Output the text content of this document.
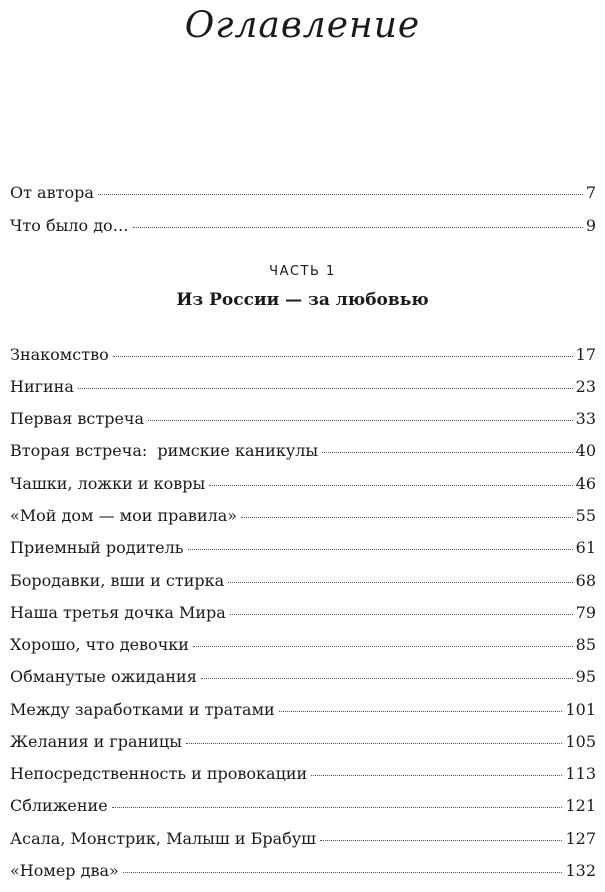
Оглавление
От автора	7
Что было до…	9
ЧАСТЬ 1
Из России — за любовью
Знакомство	17
Нигина	23
Первая встреча	33
Вторая встреча:  римские каникулы	40
Чашки, ложки и ковры	46
«Мой дом — мои правила»	55
Приемный родитель	61
Бородавки, вши и стирка	68
Наша третья дочка Мира	79
Хорошо, что девочки	85
Обманутые ожидания	95
Между заработками и тратами	101
Желания и границы	105
Непосредственность и провокации	113
Сближение	121
Асала, Монстрик, Малыш и Брабуш	127
«Номер два»	132
